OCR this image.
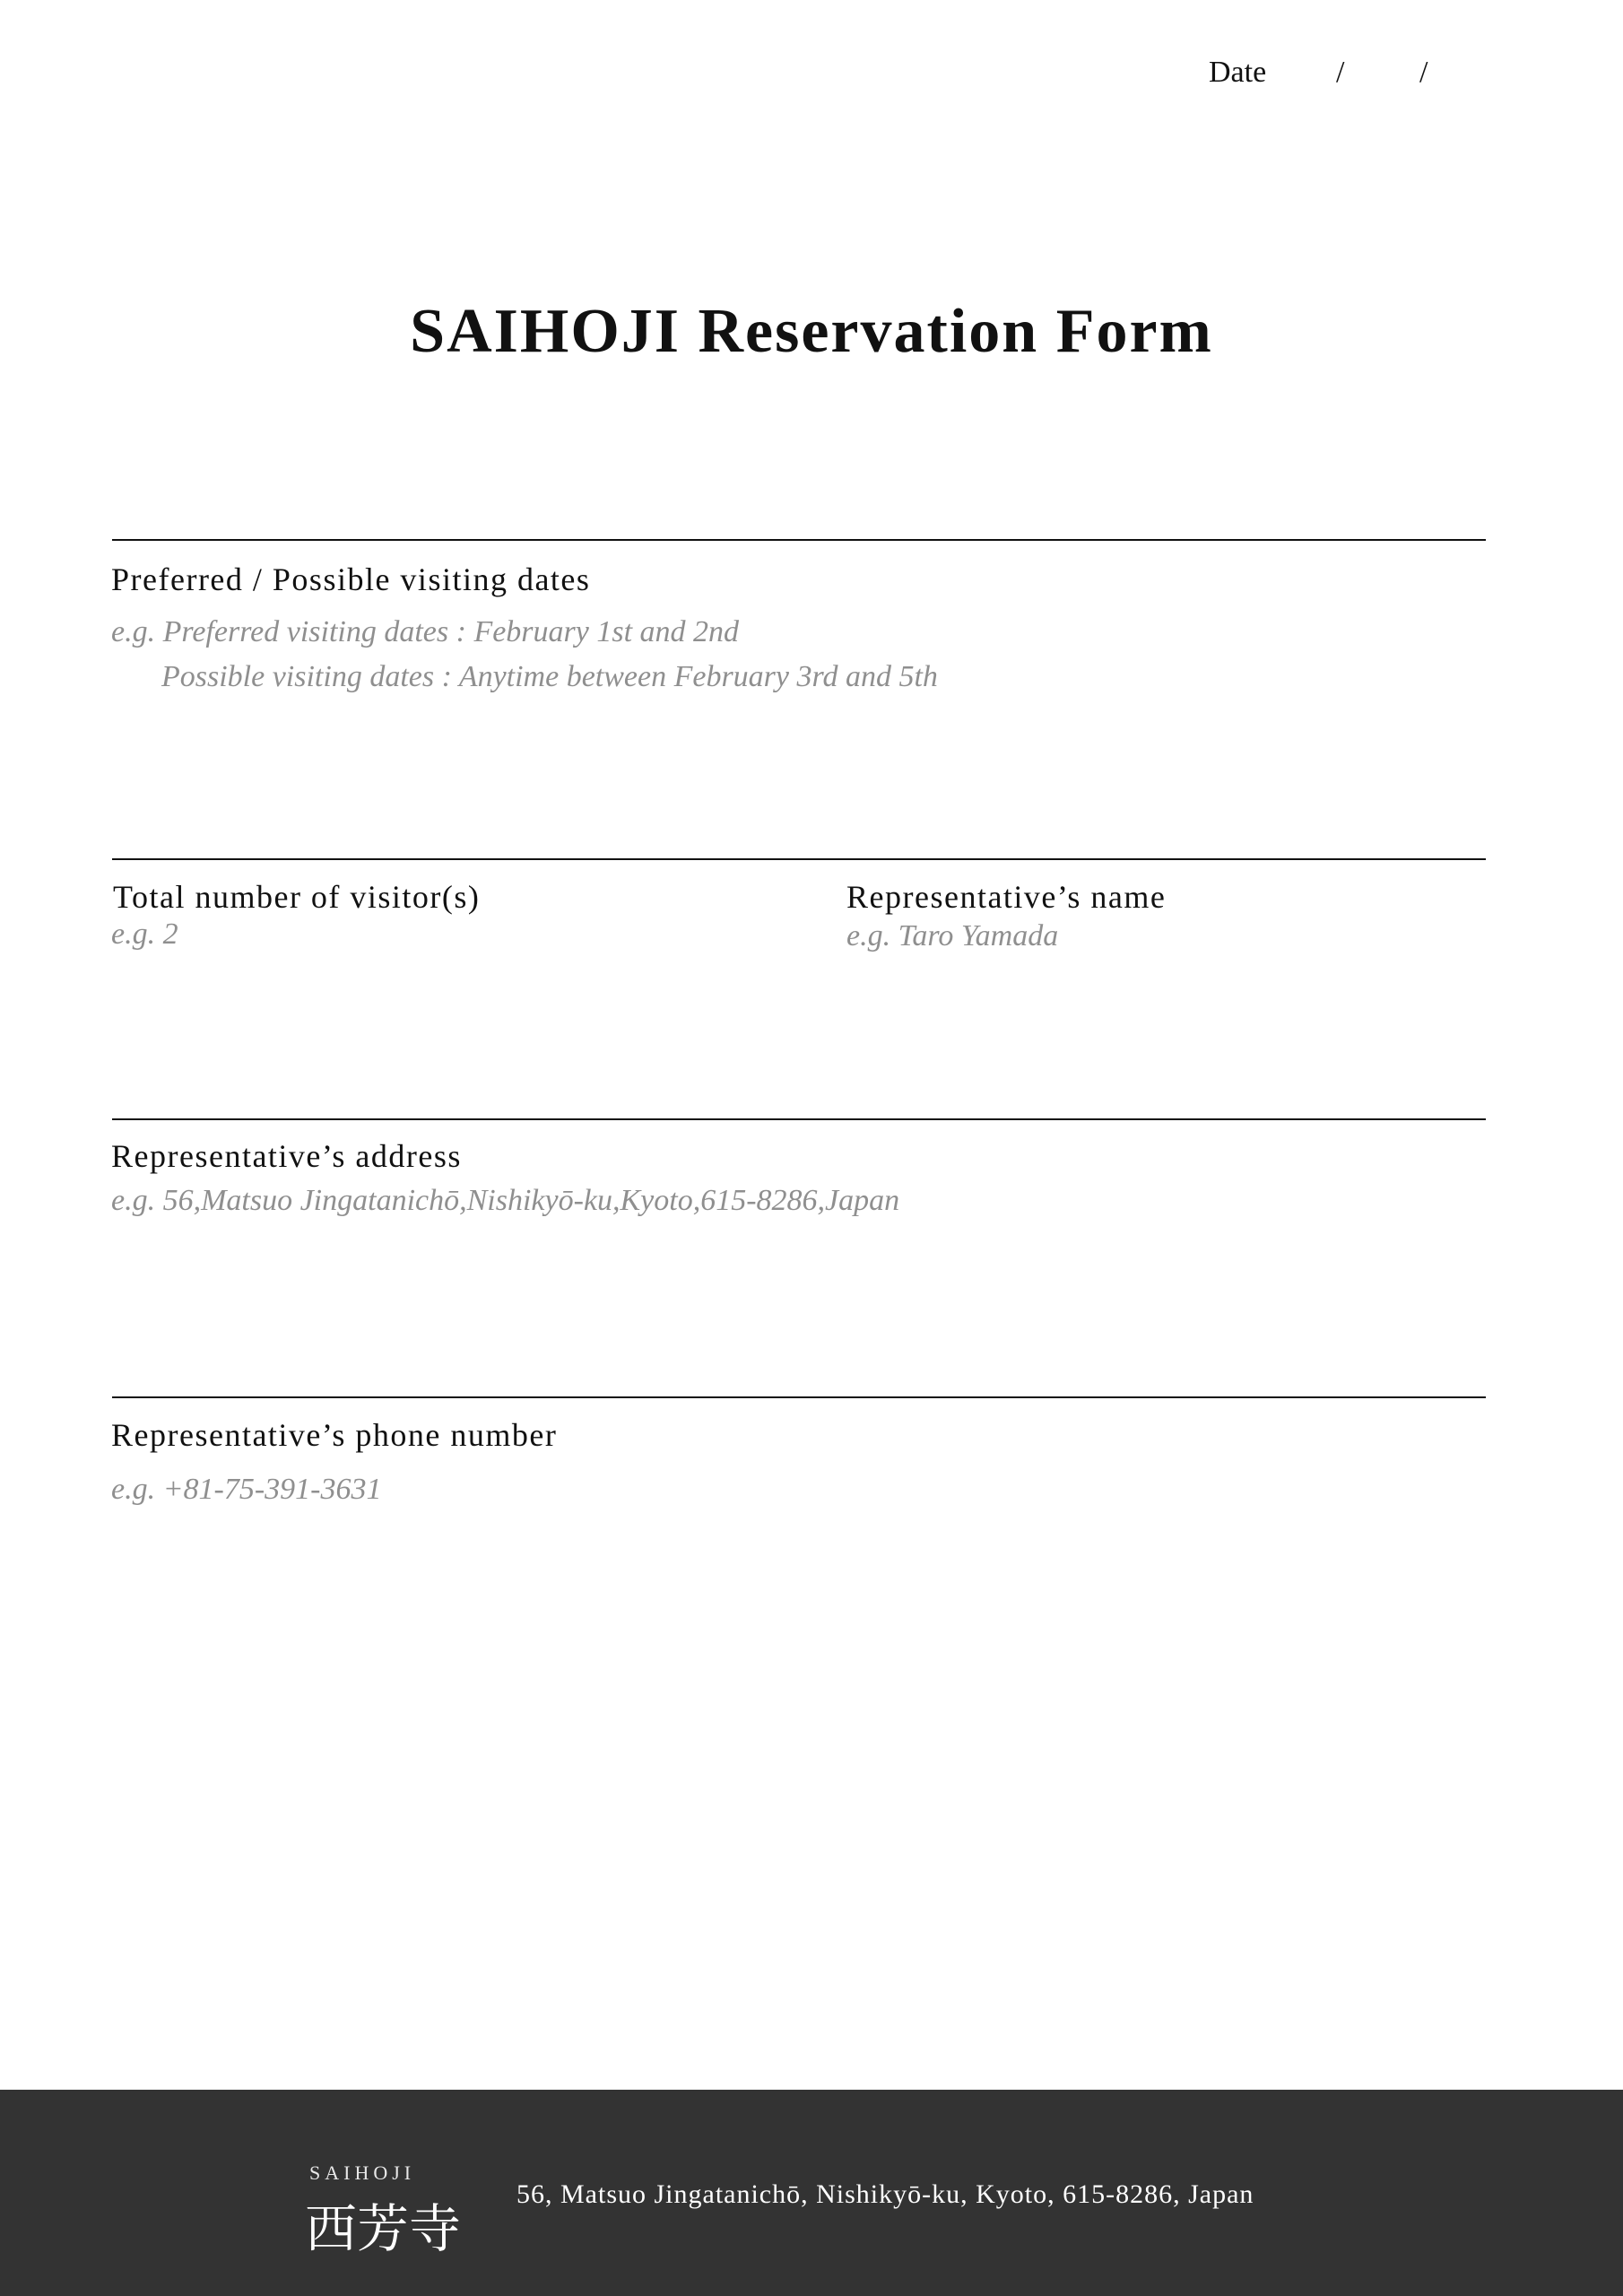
Date / /
SAIHOJI Reservation Form
Preferred / Possible visiting dates
e.g. Preferred visiting dates : February 1st and 2nd
Possible visiting dates : Anytime between February 3rd and 5th
Total number of visitor(s)
e.g. 2
Representative’s name
e.g. Taro Yamada
Representative’s address
e.g. 56,Matsuo Jingatanichō,Nishikyō-ku,Kyoto,615-8286,Japan
Representative’s phone number
e.g. +81-75-391-3631
SAIHOJI
西芳寺
56, Matsuo Jingatanichō, Nishikyō-ku, Kyoto, 615-8286, Japan
